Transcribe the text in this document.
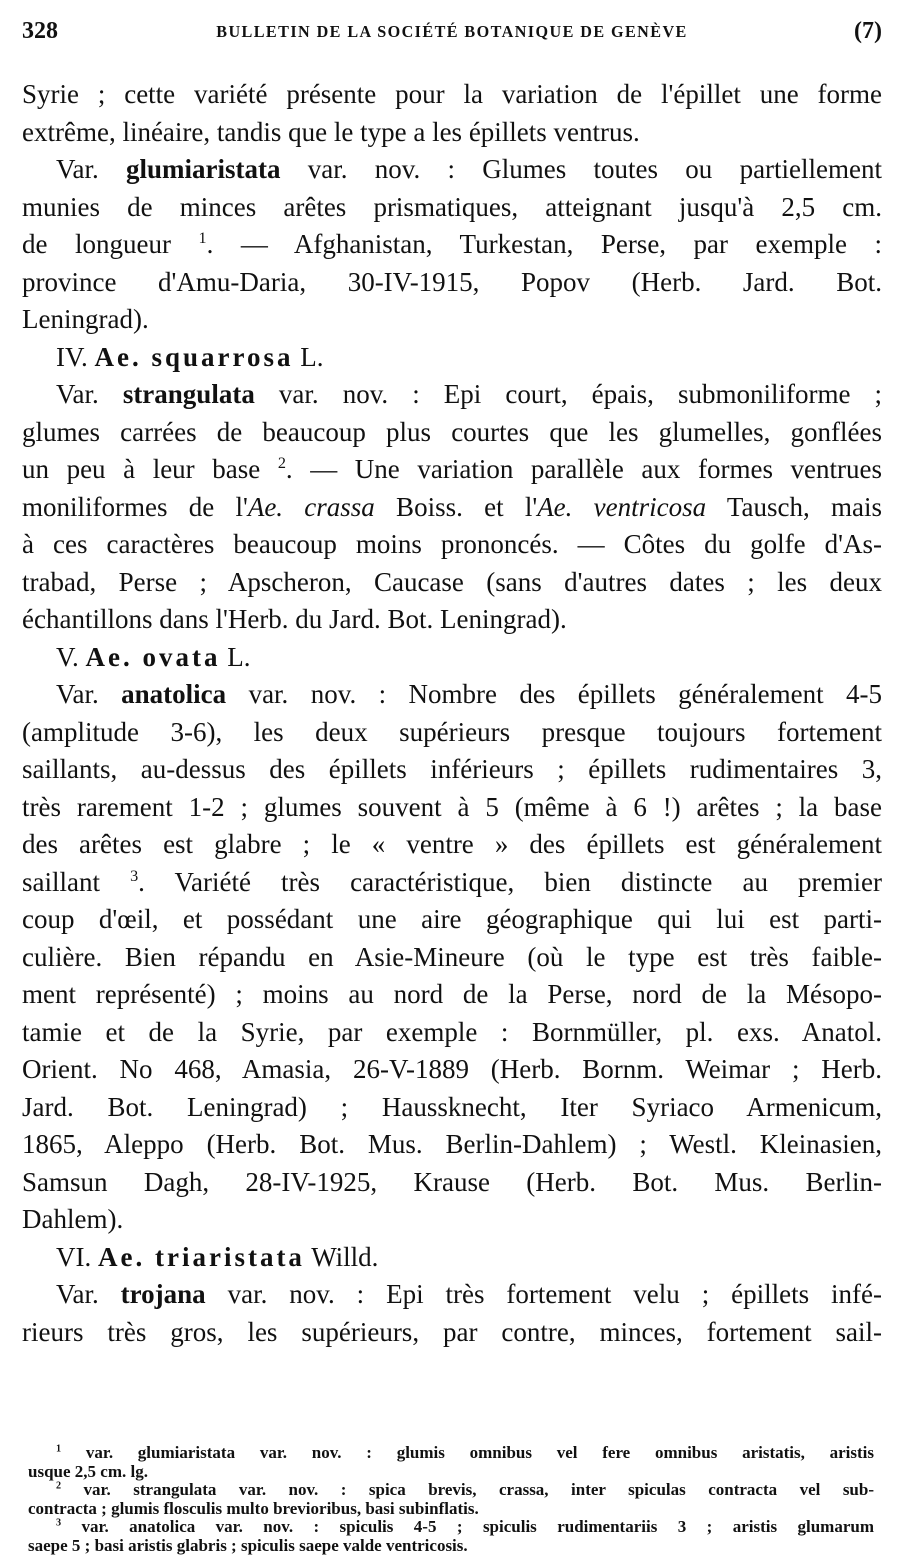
328	BULLETIN DE LA SOCIÉTÉ BOTANIQUE DE GENÈVE	(7)
Syrie ; cette variété présente pour la variation de l'épillet une forme
extrême, linéaire, tandis que le type a les épillets ventrus.
Var. glumiaristata var. nov. : Glumes toutes ou partiellement
munies de minces arêtes prismatiques, atteignant jusqu'à 2,5 cm.
de longueur $^1$. — Afghanistan, Turkestan, Perse, par exemple :
province d'Amu-Daria, 30-IV-1915, Popov (Herb. Jard. Bot.
Leningrad).
IV. Ae. squarrosa L.
Var. strangulata var. nov. : Epi court, épais, submoniliforme ;
glumes carrées de beaucoup plus courtes que les glumelles, gonflées
un peu à leur base $^2$. — Une variation parallèle aux formes ventrues
moniliformes de l'Ae. crassa Boiss. et l'Ae. ventricosa Tausch, mais
à ces caractères beaucoup moins prononcés. — Côtes du golfe d'As-
trabad, Perse ; Apscheron, Caucase (sans d'autres dates ; les deux
échantillons dans l'Herb. du Jard. Bot. Leningrad).
V. Ae. ovata L.
Var. anatolica var. nov. : Nombre des épillets généralement 4-5
(amplitude 3-6), les deux supérieurs presque toujours fortement
saillants, au-dessus des épillets inférieurs ; épillets rudimentaires 3,
très rarement 1-2 ; glumes souvent à 5 (même à 6 !) arêtes ; la base
des arêtes est glabre ; le « ventre » des épillets est généralement
saillant $^3$. Variété très caractéristique, bien distincte au premier
coup d'œil, et possédant une aire géographique qui lui est parti-
culière. Bien répandu en Asie-Mineure (où le type est très faible-
ment représenté) ; moins au nord de la Perse, nord de la Mésopo-
tamie et de la Syrie, par exemple : Bornmüller, pl. exs. Anatol.
Orient. No 468, Amasia, 26-V-1889 (Herb. Bornm. Weimar ; Herb.
Jard. Bot. Leningrad) ; Haussknecht, Iter Syriaco Armenicum,
1865, Aleppo (Herb. Bot. Mus. Berlin-Dahlem) ; Westl. Kleinasien,
Samsun Dagh, 28-IV-1925, Krause (Herb. Bot. Mus. Berlin-
Dahlem).
VI. Ae. triaristata Willd.
Var. trojana var. nov. : Epi très fortement velu ; épillets infé-
rieurs très gros, les supérieurs, par contre, minces, fortement sail-
$^1$ var. glumiaristata var. nov. : glumis omnibus vel fere omnibus aristatis, aristis
usque 2,5 cm. lg.
$^2$ var. strangulata var. nov. : spica brevis, crassa, inter spiculas contracta vel sub-
contracta ; glumis flosculis multo brevioribus, basi subinflatis.
$^3$ var. anatolica var. nov. : spiculis 4-5 ; spiculis rudimentariis 3 ; aristis glumarum
saepe 5 ; basi aristis glabris ; spiculis saepe valde ventricosis.
